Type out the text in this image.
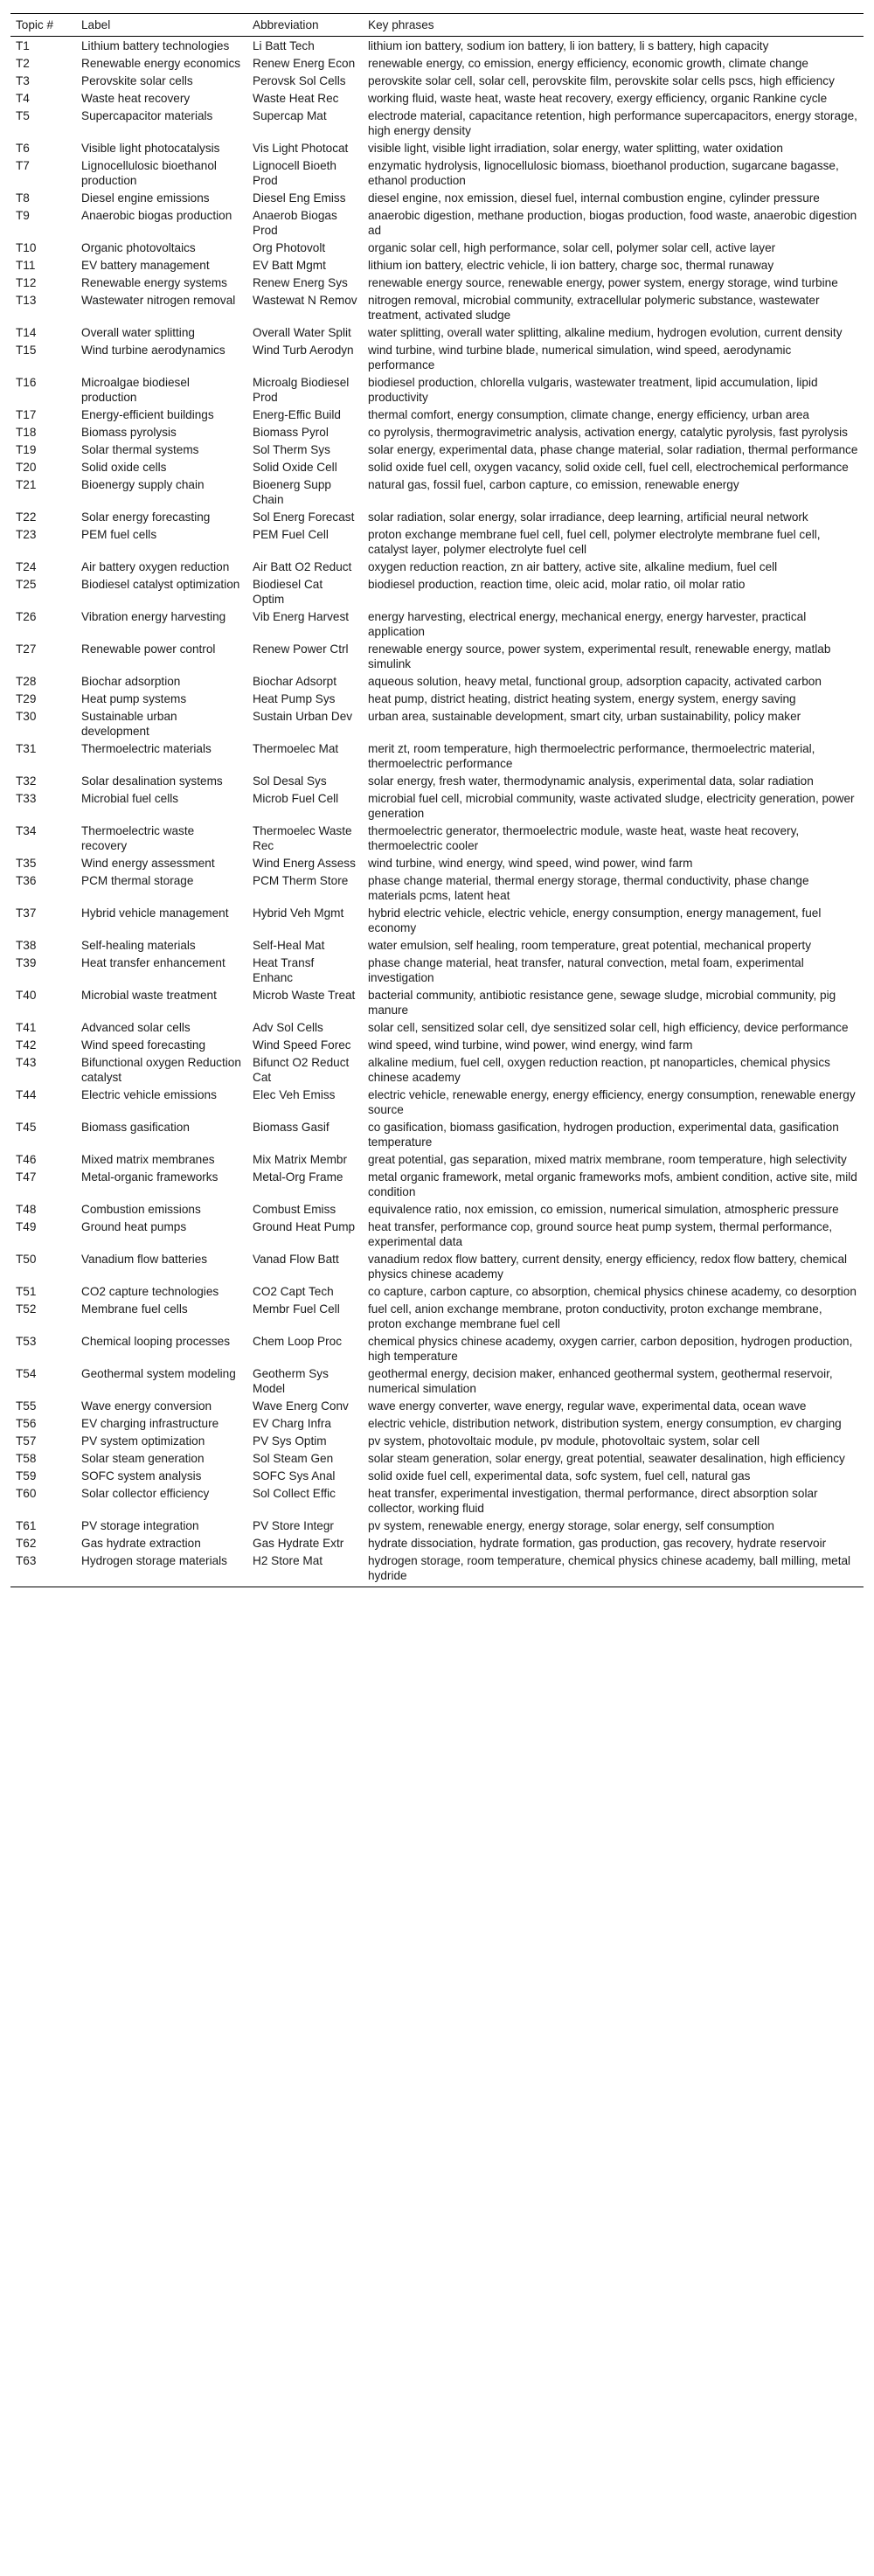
Topic #	Label	Abbreviation	Key phrases
T1	Lithium battery technologies	Li Batt Tech	lithium ion battery, sodium ion battery, li ion battery, li s battery, high capacity
T2	Renewable energy economics	Renew Energ Econ	renewable energy, co emission, energy efficiency, economic growth, climate change
T3	Perovskite solar cells	Perovsk Sol Cells	perovskite solar cell, solar cell, perovskite film, perovskite solar cells pscs, high efficiency
T4	Waste heat recovery	Waste Heat Rec	working fluid, waste heat, waste heat recovery, exergy efficiency, organic Rankine cycle
T5	Supercapacitor materials	Supercap Mat	electrode material, capacitance retention, high performance supercapacitors, energy storage, high energy density
T6	Visible light photocatalysis	Vis Light Photocat	visible light, visible light irradiation, solar energy, water splitting, water oxidation
T7	Lignocellulosic bioethanol production	Lignocell Bioeth Prod	enzymatic hydrolysis, lignocellulosic biomass, bioethanol production, sugarcane bagasse, ethanol production
T8	Diesel engine emissions	Diesel Eng Emiss	diesel engine, nox emission, diesel fuel, internal combustion engine, cylinder pressure
T9	Anaerobic biogas production	Anaerob Biogas Prod	anaerobic digestion, methane production, biogas production, food waste, anaerobic digestion ad
T10	Organic photovoltaics	Org Photovolt	organic solar cell, high performance, solar cell, polymer solar cell, active layer
T11	EV battery management	EV Batt Mgmt	lithium ion battery, electric vehicle, li ion battery, charge soc, thermal runaway
T12	Renewable energy systems	Renew Energ Sys	renewable energy source, renewable energy, power system, energy storage, wind turbine
T13	Wastewater nitrogen removal	Wastewat N Remov	nitrogen removal, microbial community, extracellular polymeric substance, wastewater treatment, activated sludge
T14	Overall water splitting	Overall Water Split	water splitting, overall water splitting, alkaline medium, hydrogen evolution, current density
T15	Wind turbine aerodynamics	Wind Turb Aerodyn	wind turbine, wind turbine blade, numerical simulation, wind speed, aerodynamic performance
T16	Microalgae biodiesel production	Microalg Biodiesel Prod	biodiesel production, chlorella vulgaris, wastewater treatment, lipid accumulation, lipid productivity
T17	Energy-efficient buildings	Energ-Effic Build	thermal comfort, energy consumption, climate change, energy efficiency, urban area
T18	Biomass pyrolysis	Biomass Pyrol	co pyrolysis, thermogravimetric analysis, activation energy, catalytic pyrolysis, fast pyrolysis
T19	Solar thermal systems	Sol Therm Sys	solar energy, experimental data, phase change material, solar radiation, thermal performance
T20	Solid oxide cells	Solid Oxide Cell	solid oxide fuel cell, oxygen vacancy, solid oxide cell, fuel cell, electrochemical performance
T21	Bioenergy supply chain	Bioenerg Supp Chain	natural gas, fossil fuel, carbon capture, co emission, renewable energy
T22	Solar energy forecasting	Sol Energ Forecast	solar radiation, solar energy, solar irradiance, deep learning, artificial neural network
T23	PEM fuel cells	PEM Fuel Cell	proton exchange membrane fuel cell, fuel cell, polymer electrolyte membrane fuel cell, catalyst layer, polymer electrolyte fuel cell
T24	Air battery oxygen reduction	Air Batt O2 Reduct	oxygen reduction reaction, zn air battery, active site, alkaline medium, fuel cell
T25	Biodiesel catalyst optimization	Biodiesel Cat Optim	biodiesel production, reaction time, oleic acid, molar ratio, oil molar ratio
T26	Vibration energy harvesting	Vib Energ Harvest	energy harvesting, electrical energy, mechanical energy, energy harvester, practical application
T27	Renewable power control	Renew Power Ctrl	renewable energy source, power system, experimental result, renewable energy, matlab simulink
T28	Biochar adsorption	Biochar Adsorpt	aqueous solution, heavy metal, functional group, adsorption capacity, activated carbon
T29	Heat pump systems	Heat Pump Sys	heat pump, district heating, district heating system, energy system, energy saving
T30	Sustainable urban development	Sustain Urban Dev	urban area, sustainable development, smart city, urban sustainability, policy maker
T31	Thermoelectric materials	Thermoelec Mat	merit zt, room temperature, high thermoelectric performance, thermoelectric material, thermoelectric performance
T32	Solar desalination systems	Sol Desal Sys	solar energy, fresh water, thermodynamic analysis, experimental data, solar radiation
T33	Microbial fuel cells	Microb Fuel Cell	microbial fuel cell, microbial community, waste activated sludge, electricity generation, power generation
T34	Thermoelectric waste recovery	Thermoelec Waste Rec	thermoelectric generator, thermoelectric module, waste heat, waste heat recovery, thermoelectric cooler
T35	Wind energy assessment	Wind Energ Assess	wind turbine, wind energy, wind speed, wind power, wind farm
T36	PCM thermal storage	PCM Therm Store	phase change material, thermal energy storage, thermal conductivity, phase change materials pcms, latent heat
T37	Hybrid vehicle management	Hybrid Veh Mgmt	hybrid electric vehicle, electric vehicle, energy consumption, energy management, fuel economy
T38	Self-healing materials	Self-Heal Mat	water emulsion, self healing, room temperature, great potential, mechanical property
T39	Heat transfer enhancement	Heat Transf Enhanc	phase change material, heat transfer, natural convection, metal foam, experimental investigation
T40	Microbial waste treatment	Microb Waste Treat	bacterial community, antibiotic resistance gene, sewage sludge, microbial community, pig manure
T41	Advanced solar cells	Adv Sol Cells	solar cell, sensitized solar cell, dye sensitized solar cell, high efficiency, device performance
T42	Wind speed forecasting	Wind Speed Forec	wind speed, wind turbine, wind power, wind energy, wind farm
T43	Bifunctional oxygen Reduction catalyst	Bifunct O2 Reduct Cat	alkaline medium, fuel cell, oxygen reduction reaction, pt nanoparticles, chemical physics chinese academy
T44	Electric vehicle emissions	Elec Veh Emiss	electric vehicle, renewable energy, energy efficiency, energy consumption, renewable energy source
T45	Biomass gasification	Biomass Gasif	co gasification, biomass gasification, hydrogen production, experimental data, gasification temperature
T46	Mixed matrix membranes	Mix Matrix Membr	great potential, gas separation, mixed matrix membrane, room temperature, high selectivity
T47	Metal-organic frameworks	Metal-Org Frame	metal organic framework, metal organic frameworks mofs, ambient condition, active site, mild condition
T48	Combustion emissions	Combust Emiss	equivalence ratio, nox emission, co emission, numerical simulation, atmospheric pressure
T49	Ground heat pumps	Ground Heat Pump	heat transfer, performance cop, ground source heat pump system, thermal performance, experimental data
T50	Vanadium flow batteries	Vanad Flow Batt	vanadium redox flow battery, current density, energy efficiency, redox flow battery, chemical physics chinese academy
T51	CO2 capture technologies	CO2 Capt Tech	co capture, carbon capture, co absorption, chemical physics chinese academy, co desorption
T52	Membrane fuel cells	Membr Fuel Cell	fuel cell, anion exchange membrane, proton conductivity, proton exchange membrane, proton exchange membrane fuel cell
T53	Chemical looping processes	Chem Loop Proc	chemical physics chinese academy, oxygen carrier, carbon deposition, hydrogen production, high temperature
T54	Geothermal system modeling	Geotherm Sys Model	geothermal energy, decision maker, enhanced geothermal system, geothermal reservoir, numerical simulation
T55	Wave energy conversion	Wave Energ Conv	wave energy converter, wave energy, regular wave, experimental data, ocean wave
T56	EV charging infrastructure	EV Charg Infra	electric vehicle, distribution network, distribution system, energy consumption, ev charging
T57	PV system optimization	PV Sys Optim	pv system, photovoltaic module, pv module, photovoltaic system, solar cell
T58	Solar steam generation	Sol Steam Gen	solar steam generation, solar energy, great potential, seawater desalination, high efficiency
T59	SOFC system analysis	SOFC Sys Anal	solid oxide fuel cell, experimental data, sofc system, fuel cell, natural gas
T60	Solar collector efficiency	Sol Collect Effic	heat transfer, experimental investigation, thermal performance, direct absorption solar collector, working fluid
T61	PV storage integration	PV Store Integr	pv system, renewable energy, energy storage, solar energy, self consumption
T62	Gas hydrate extraction	Gas Hydrate Extr	hydrate dissociation, hydrate formation, gas production, gas recovery, hydrate reservoir
T63	Hydrogen storage materials	H2 Store Mat	hydrogen storage, room temperature, chemical physics chinese academy, ball milling, metal hydride
